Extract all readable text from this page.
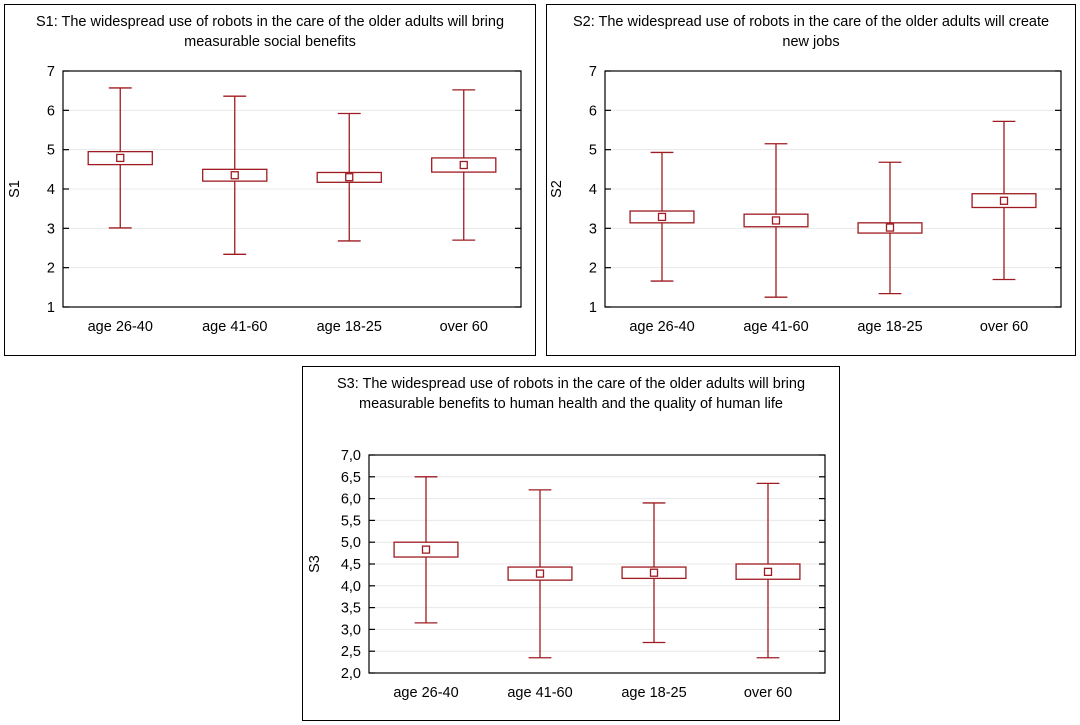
S1: The widespread use of robots in the care of the older adults will bring measurable social benefits
1
2
3
4
5
6
7
age 26-40	age 41-60	age 18-25	over 60
S1
S2: The widespread use of robots in the care of the older adults will create new jobs
1
2
3
4
5
6
7
age 26-40	age 41-60	age 18-25	over 60
S2
S3: The widespread use of robots in the care of the older adults will bring measurable benefits to human health and the quality of human life
2,0
2,5
3,0
3,5
4,0
4,5
5,0
5,5
6,0
6,5
7,0
age 26-40	age 41-60	age 18-25	over 60
S3
